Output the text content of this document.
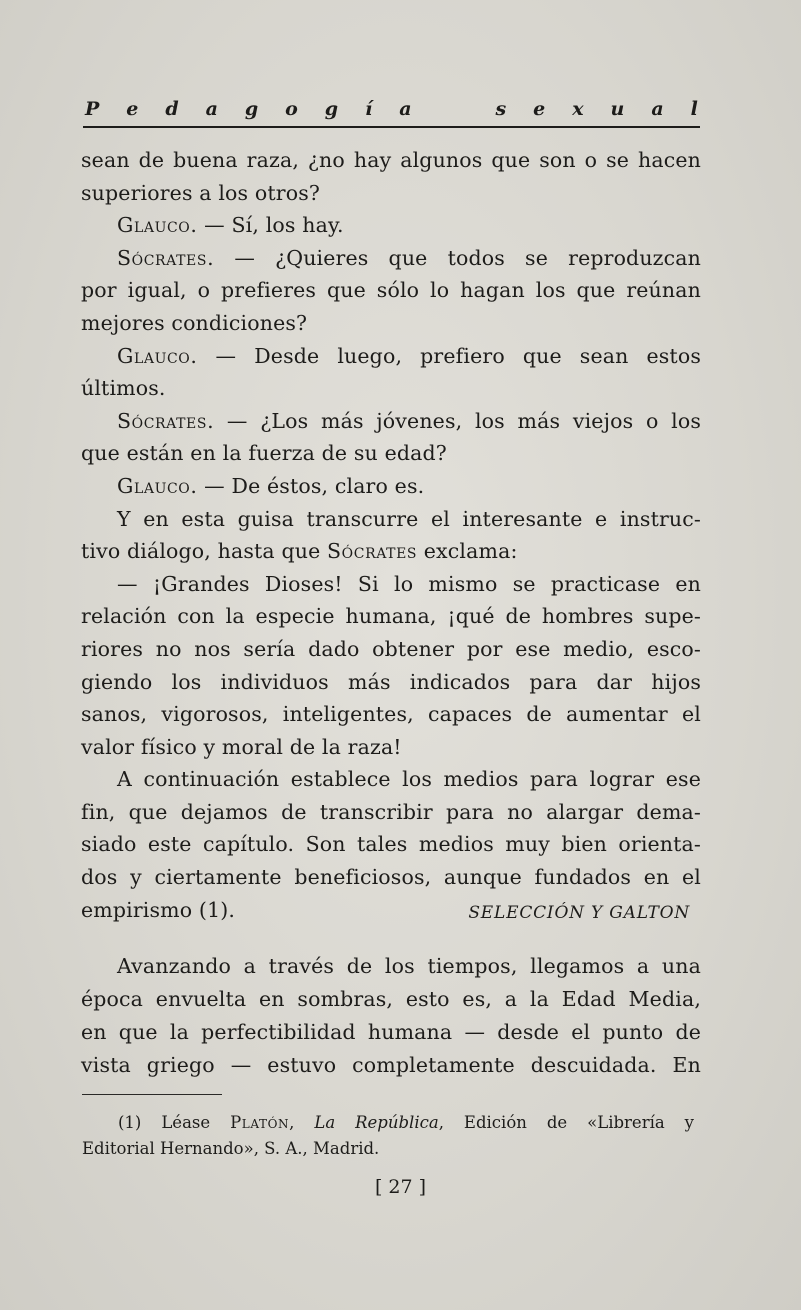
P e d a g o g í a	s e x u a l
sean de buena raza, ¿no hay algunos que son o se hacen
superiores a los otros?
Glauco. — Sí, los hay.
Sócrates. — ¿Quieres que todos se reproduzcan
por igual, o prefieres que sólo lo hagan los que reúnan
mejores condiciones?
Glauco. — Desde luego, prefiero que sean estos
últimos.
Sócrates. — ¿Los más jóvenes, los más viejos o los
que están en la fuerza de su edad?
Glauco. — De éstos, claro es.
Y en esta guisa transcurre el interesante e instruc-
tivo diálogo, hasta que Sócrates exclama:
— ¡Grandes Dioses! Si lo mismo se practicase en
relación con la especie humana, ¡qué de hombres supe-
riores no nos sería dado obtener por ese medio, esco-
giendo los individuos más indicados para dar hijos
sanos, vigorosos, inteligentes, capaces de aumentar el
valor físico y moral de la raza!
A continuación establece los medios para lograr ese
fin, que dejamos de transcribir para no alargar dema-
siado este capítulo. Son tales medios muy bien orienta-
dos y ciertamente beneficiosos, aunque fundados en el
empirismo (1).	SELECCIÓN Y GALTON
Avanzando a través de los tiempos, llegamos a una
época envuelta en sombras, esto es, a la Edad Media,
en que la perfectibilidad humana — desde el punto de
vista griego — estuvo completamente descuidada. En
(1) Léase Platón, La República, Edición de «Librería y
Editorial Hernando», S. A., Madrid.
[ 27 ]
